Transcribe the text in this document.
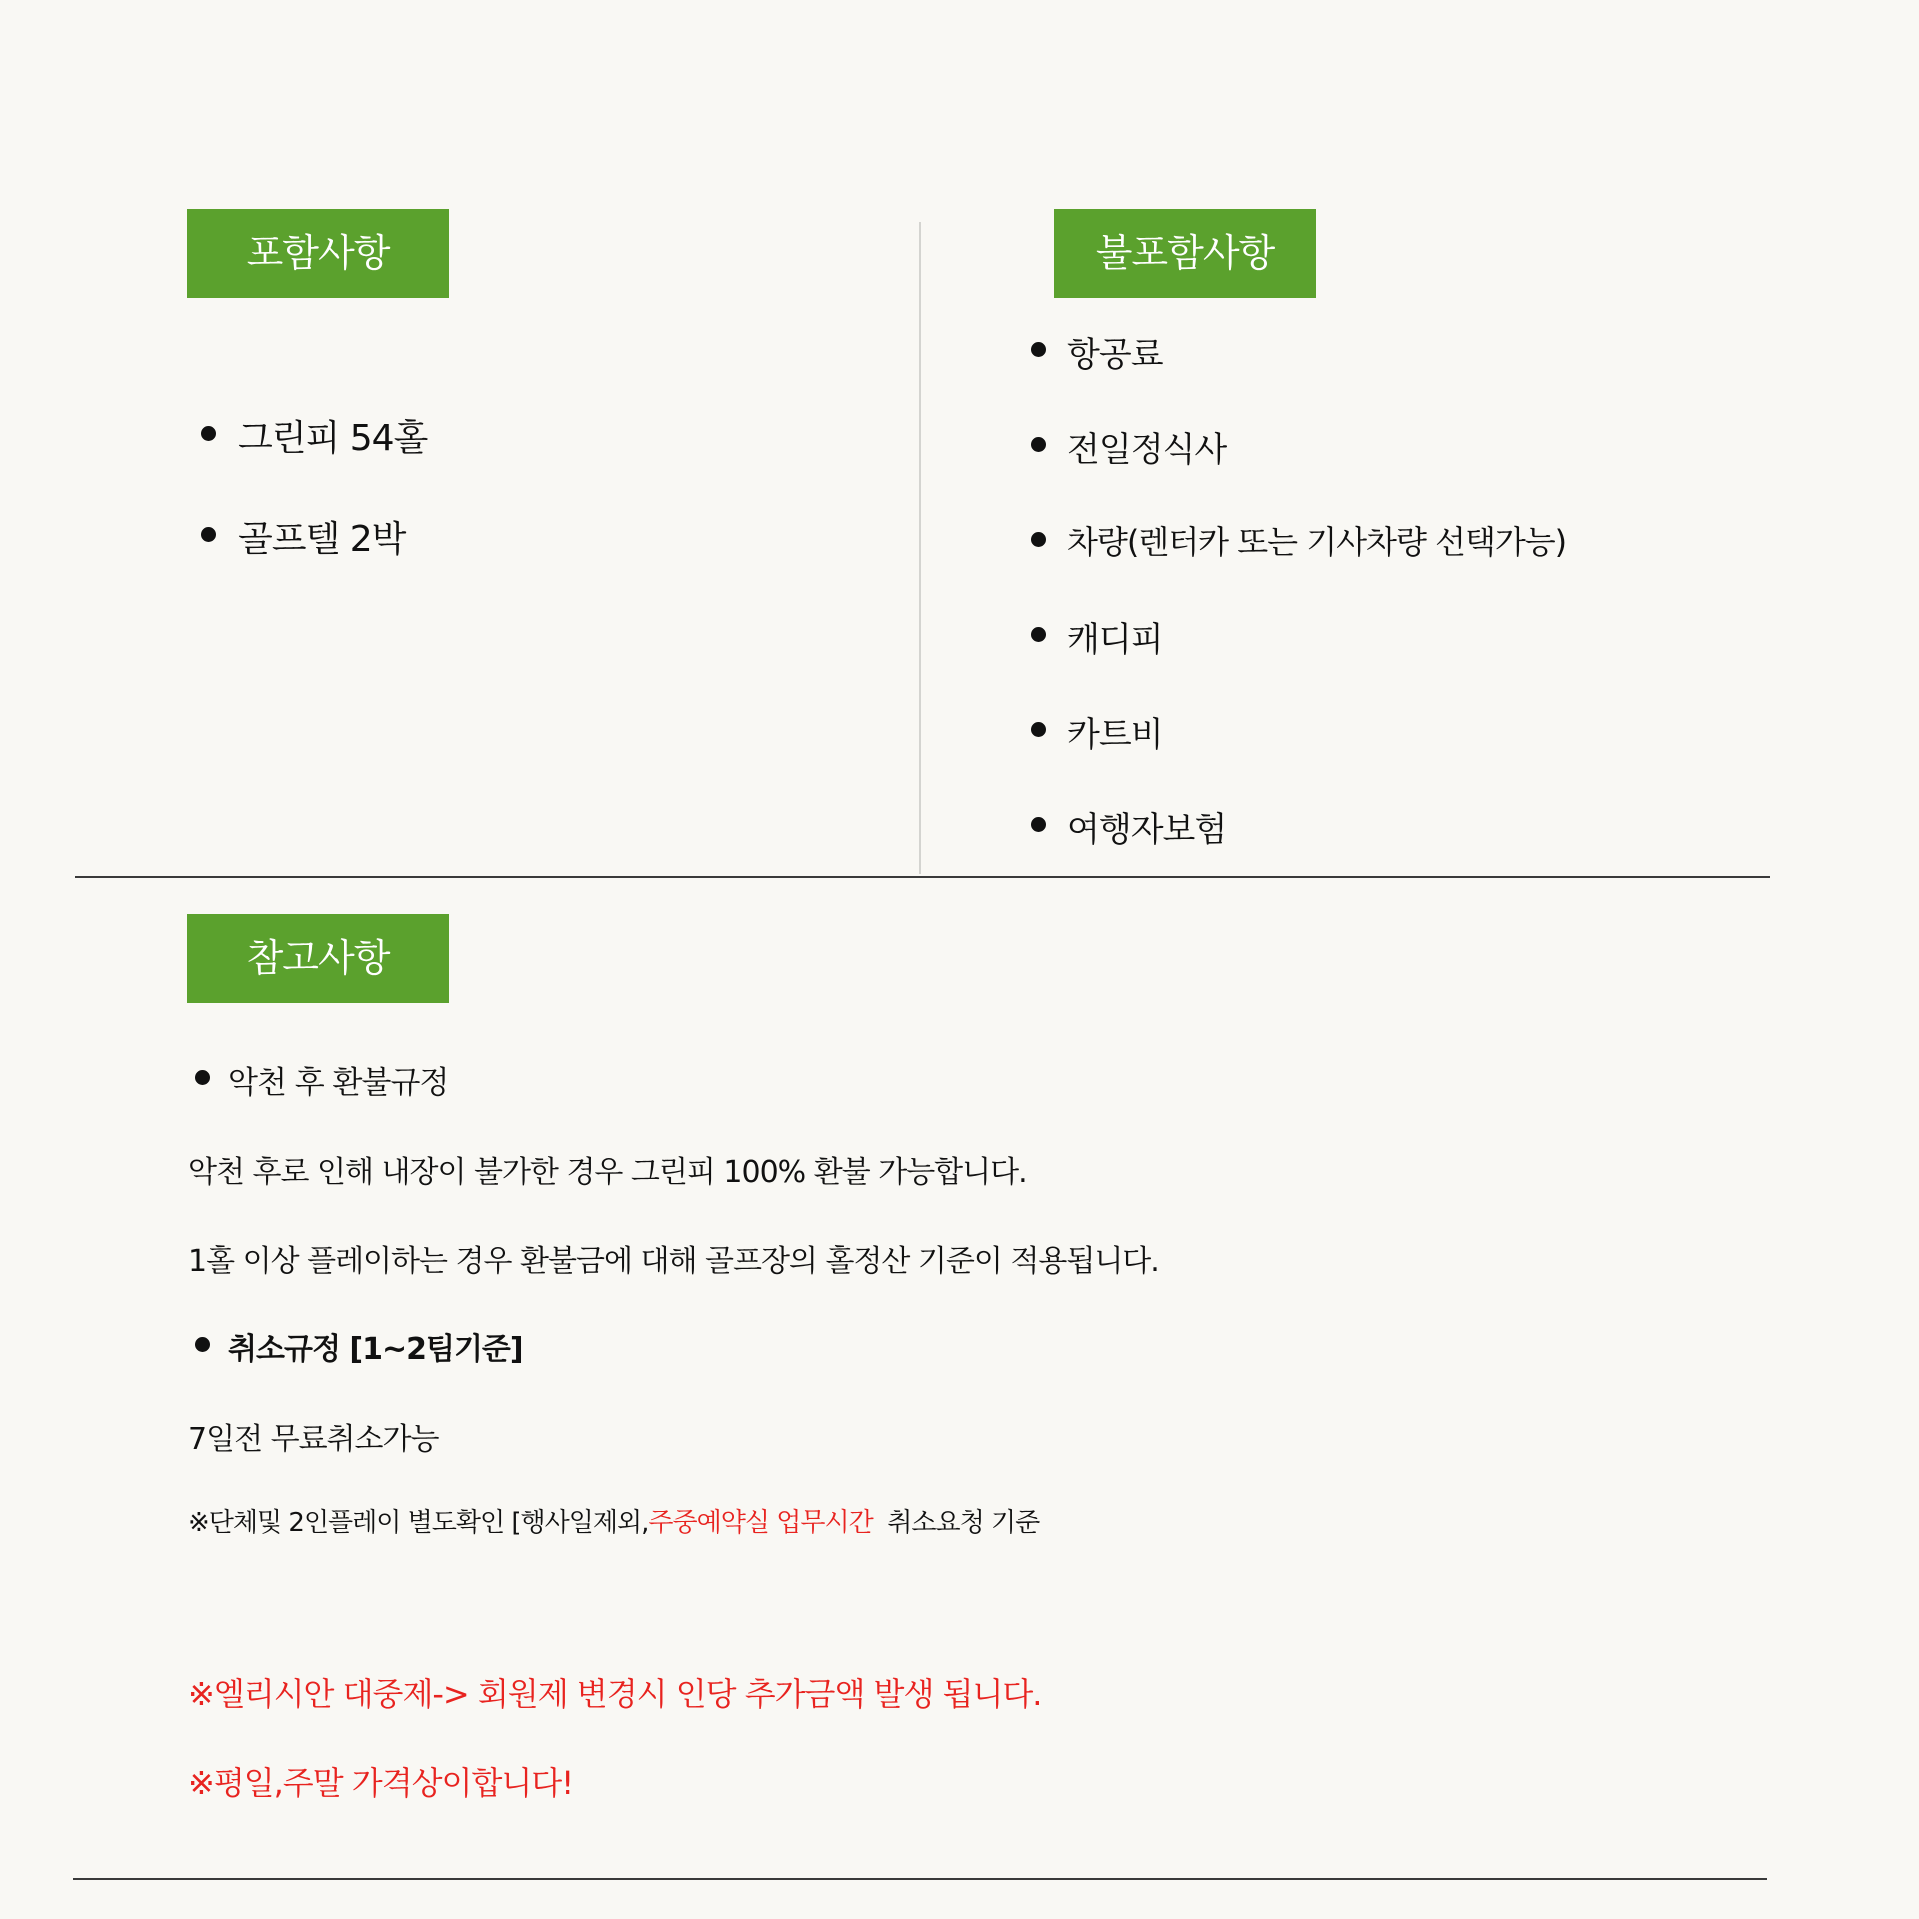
포함사항
그린피 54홀
골프텔 2박
불포함사항
항공료
전일정식사
차량(렌터카 또는 기사차량 선택가능)
캐디피
카트비
여행자보험
참고사항
악천 후 환불규정
악천 후로 인해 내장이 불가한 경우 그린피 100% 환불 가능합니다.
1홀 이상 플레이하는 경우 환불금에 대해 골프장의 홀정산 기준이 적용됩니다.
취소규정 [1~2팀기준]
7일전 무료취소가능
※단체및 2인플레이 별도확인 [행사일제외,주중예약실 업무시간 취소요청 기준
※엘리시안 대중제-> 회원제 변경시 인당 추가금액 발생 됩니다.
※평일,주말 가격상이합니다!
